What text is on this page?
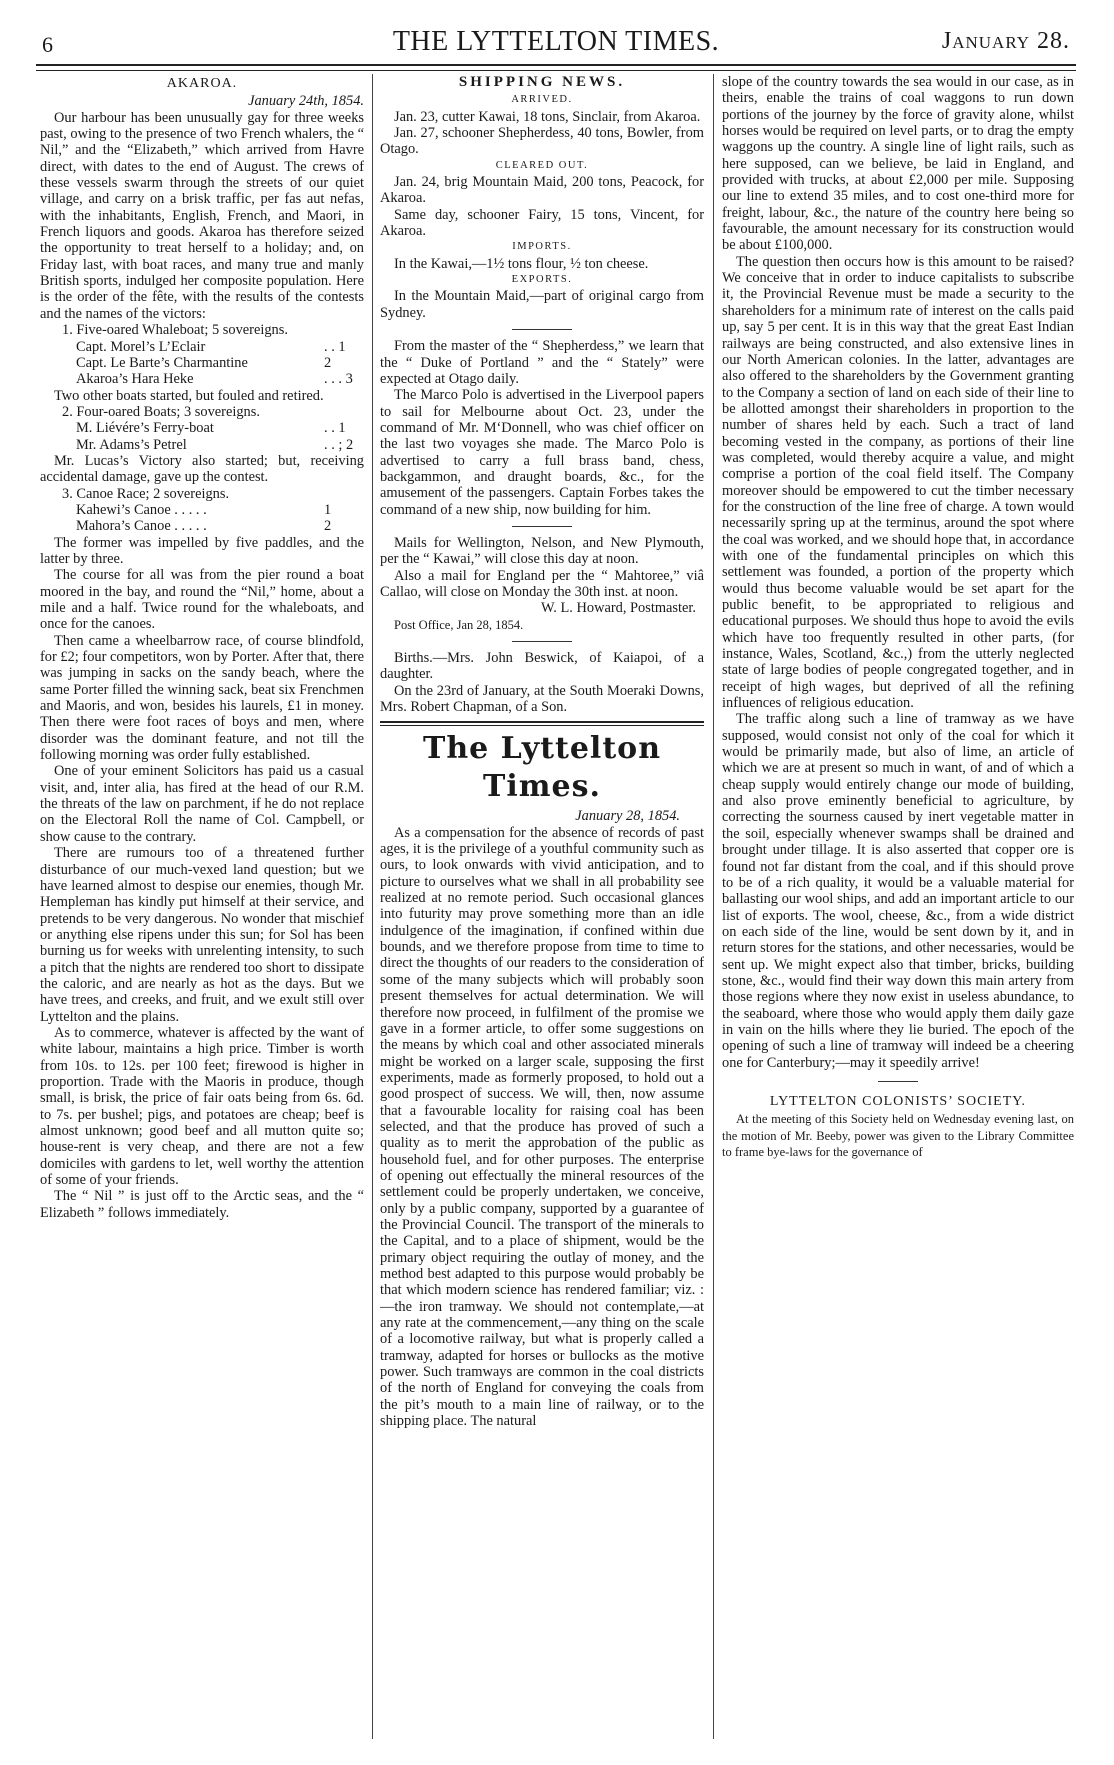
6	THE LYTTELTON TIMES.	January 28.
AKAROA.
January 24th, 1854.

Our harbour has been unusually gay for three weeks past, owing to the presence of two French whalers, the “ Nil,” and the “Elizabeth,” which arrived from Havre direct, with dates to the end of August. The crews of these vessels swarm through the streets of our quiet village, and carry on a brisk traffic, per fas aut nefas, with the inhabitants, English, French, and Maori, in French liquors and goods. Akaroa has therefore seized the opportunity to treat herself to a holiday; and, on Friday last, with boat races, and many true and manly British sports, indulged her composite population. Here is the order of the fête, with the results of the contests and the names of the victors:

1. Five-oared Whaleboat; 5 sovereigns.
Capt. Morel’s L’Eclair	. . 1
Capt. Le Barte’s Charmantine	2
Akaroa’s Hara Heke	. . . 3

Two other boats started, but fouled and retired.

2. Four-oared Boats; 3 sovereigns.
M. Liévére’s Ferry-boat	. . 1
Mr. Adams’s Petrel	. . ; 2

Mr. Lucas’s Victory also started; but, receiving accidental damage, gave up the contest.

3. Canoe Race; 2 sovereigns.
Kahewi’s Canoe . . . . .	1
Mahora’s Canoe . . . . .	2

The former was impelled by five paddles, and the latter by three.

The course for all was from the pier round a boat moored in the bay, and round the “Nil,” home, about a mile and a half. Twice round for the whaleboats, and once for the canoes.

Then came a wheelbarrow race, of course blindfold, for £2; four competitors, won by Porter. After that, there was jumping in sacks on the sandy beach, where the same Porter filled the winning sack, beat six Frenchmen and Maoris, and won, besides his laurels, £1 in money. Then there were foot races of boys and men, where disorder was the dominant feature, and not till the following morning was order fully established.

One of your eminent Solicitors has paid us a casual visit, and, inter alia, has fired at the head of our R.M. the threats of the law on parchment, if he do not replace on the Electoral Roll the name of Col. Campbell, or show cause to the contrary.

There are rumours too of a threatened further disturbance of our much-vexed land question; but we have learned almost to despise our enemies, though Mr. Hempleman has kindly put himself at their service, and pretends to be very dangerous. No wonder that mischief or anything else ripens under this sun; for Sol has been burning us for weeks with unrelenting intensity, to such a pitch that the nights are rendered too short to dissipate the caloric, and are nearly as hot as the days. But we have trees, and creeks, and fruit, and we exult still over Lyttelton and the plains.

As to commerce, whatever is affected by the want of white labour, maintains a high price. Timber is worth from 10s. to 12s. per 100 feet; firewood is higher in proportion. Trade with the Maoris in produce, though small, is brisk, the price of fair oats being from 6s. 6d. to 7s. per bushel; pigs, and potatoes are cheap; beef is almost unknown; good beef and all mutton quite so; house-rent is very cheap, and there are not a few domiciles with gardens to let, well worthy the attention of some of your friends.

The “ Nil ” is just off to the Arctic seas, and the “ Elizabeth ” follows immediately.

SHIPPING NEWS.
ARRIVED.

Jan. 23, cutter Kawai, 18 tons, Sinclair, from Akaroa.

Jan. 27, schooner Shepherdess, 40 tons, Bowler, from Otago.

CLEARED OUT.

Jan. 24, brig Mountain Maid, 200 tons, Peacock, for Akaroa.

Same day, schooner Fairy, 15 tons, Vincent, for Akaroa.

IMPORTS.

In the Kawai,—1½ tons flour, ½ ton cheese.

EXPORTS.

In the Mountain Maid,—part of original cargo from Sydney.

From the master of the “ Shepherdess,” we learn that the “ Duke of Portland ” and the “ Stately” were expected at Otago daily.

The Marco Polo is advertised in the Liverpool papers to sail for Melbourne about Oct. 23, under the command of Mr. M‘Donnell, who was chief officer on the last two voyages she made. The Marco Polo is advertised to carry a full brass band, chess, backgammon, and draught boards, &c., for the amusement of the passengers. Captain Forbes takes the command of a new ship, now building for him.

Mails for Wellington, Nelson, and New Plymouth, per the “ Kawai,” will close this day at noon.

Also a mail for England per the “ Mahtoree,” viâ Callao, will close on Monday the 30th inst. at noon.

W. L. Howard, Postmaster.
Post Office, Jan 28, 1854.

Births.—Mrs. John Beswick, of Kaiapoi, of a daughter.

On the 23rd of January, at the South Moeraki Downs, Mrs. Robert Chapman, of a Son.

The Lyttelton Times.
January 28, 1854.

As a compensation for the absence of records of past ages, it is the privilege of a youthful community such as ours, to look onwards with vivid anticipation, and to picture to ourselves what we shall in all probability see realized at no remote period. Such occasional glances into futurity may prove something more than an idle indulgence of the imagination, if confined within due bounds, and we therefore propose from time to time to direct the thoughts of our readers to the consideration of some of the many subjects which will probably soon present themselves for actual determination. We will therefore now proceed, in fulfilment of the promise we gave in a former article, to offer some suggestions on the means by which coal and other associated minerals might be worked on a larger scale, supposing the first experiments, made as formerly proposed, to hold out a good prospect of success. We will, then, now assume that a favourable locality for raising coal has been selected, and that the produce has proved of such a quality as to merit the approbation of the public as household fuel, and for other purposes. The enterprise of opening out effectually the mineral resources of the settlement could be properly undertaken, we conceive, only by a public company, supported by a guarantee of the Provincial Council. The transport of the minerals to the Capital, and to a place of shipment, would be the primary object requiring the outlay of money, and the method best adapted to this purpose would probably be that which modern science has rendered familiar; viz. :—the iron tramway. We should not contemplate,—at any rate at the commencement,—any thing on the scale of a locomotive railway, but what is properly called a tramway, adapted for horses or bullocks as the motive power. Such tramways are common in the coal districts of the north of England for conveying the coals from the pit’s mouth to a main line of railway, or to the shipping place. The natural

slope of the country towards the sea would in our case, as in theirs, enable the trains of coal waggons to run down portions of the journey by the force of gravity alone, whilst horses would be required on level parts, or to drag the empty waggons up the country. A single line of light rails, such as here supposed, can we believe, be laid in England, and provided with trucks, at about £2,000 per mile. Supposing our line to extend 35 miles, and to cost one-third more for freight, labour, &c., the nature of the country here being so favourable, the amount necessary for its construction would be about £100,000.

The question then occurs how is this amount to be raised? We conceive that in order to induce capitalists to subscribe it, the Provincial Revenue must be made a security to the shareholders for a minimum rate of interest on the calls paid up, say 5 per cent. It is in this way that the great East Indian railways are being constructed, and also extensive lines in our North American colonies. In the latter, advantages are also offered to the shareholders by the Government granting to the Company a section of land on each side of their line to be allotted amongst their shareholders in proportion to the number of shares held by each. Such a tract of land becoming vested in the company, as portions of their line was completed, would thereby acquire a value, and might comprise a portion of the coal field itself. The Company moreover should be empowered to cut the timber necessary for the construction of the line free of charge. A town would necessarily spring up at the terminus, around the spot where the coal was worked, and we should hope that, in accordance with one of the fundamental principles on which this settlement was founded, a portion of the property which would thus become valuable would be set apart for the public benefit, to be appropriated to religious and educational purposes. We should thus hope to avoid the evils which have too frequently resulted in other parts, (for instance, Wales, Scotland, &c.,) from the utterly neglected state of large bodies of people congregated together, and in receipt of high wages, but deprived of all the refining influences of religious education.

The traffic along such a line of tramway as we have supposed, would consist not only of the coal for which it would be primarily made, but also of lime, an article of which we are at present so much in want, of and of which a cheap supply would entirely change our mode of building, and also prove eminently beneficial to agriculture, by correcting the sourness caused by inert vegetable matter in the soil, especially whenever swamps shall be drained and brought under tillage. It is also asserted that copper ore is found not far distant from the coal, and if this should prove to be of a rich quality, it would be a valuable material for ballasting our wool ships, and add an important article to our list of exports. The wool, cheese, &c., from a wide district on each side of the line, would be sent down by it, and in return stores for the stations, and other necessaries, would be sent up. We might expect also that timber, bricks, building stone, &c., would find their way down this main artery from those regions where they now exist in useless abundance, to the seaboard, where those who would apply them daily gaze in vain on the hills where they lie buried. The epoch of the opening of such a line of tramway will indeed be a cheering one for Canterbury;—may it speedily arrive!

LYTTELTON COLONISTS’ SOCIETY.

At the meeting of this Society held on Wednesday evening last, on the motion of Mr. Beeby, power was given to the Library Committee to frame bye-laws for the governance of
